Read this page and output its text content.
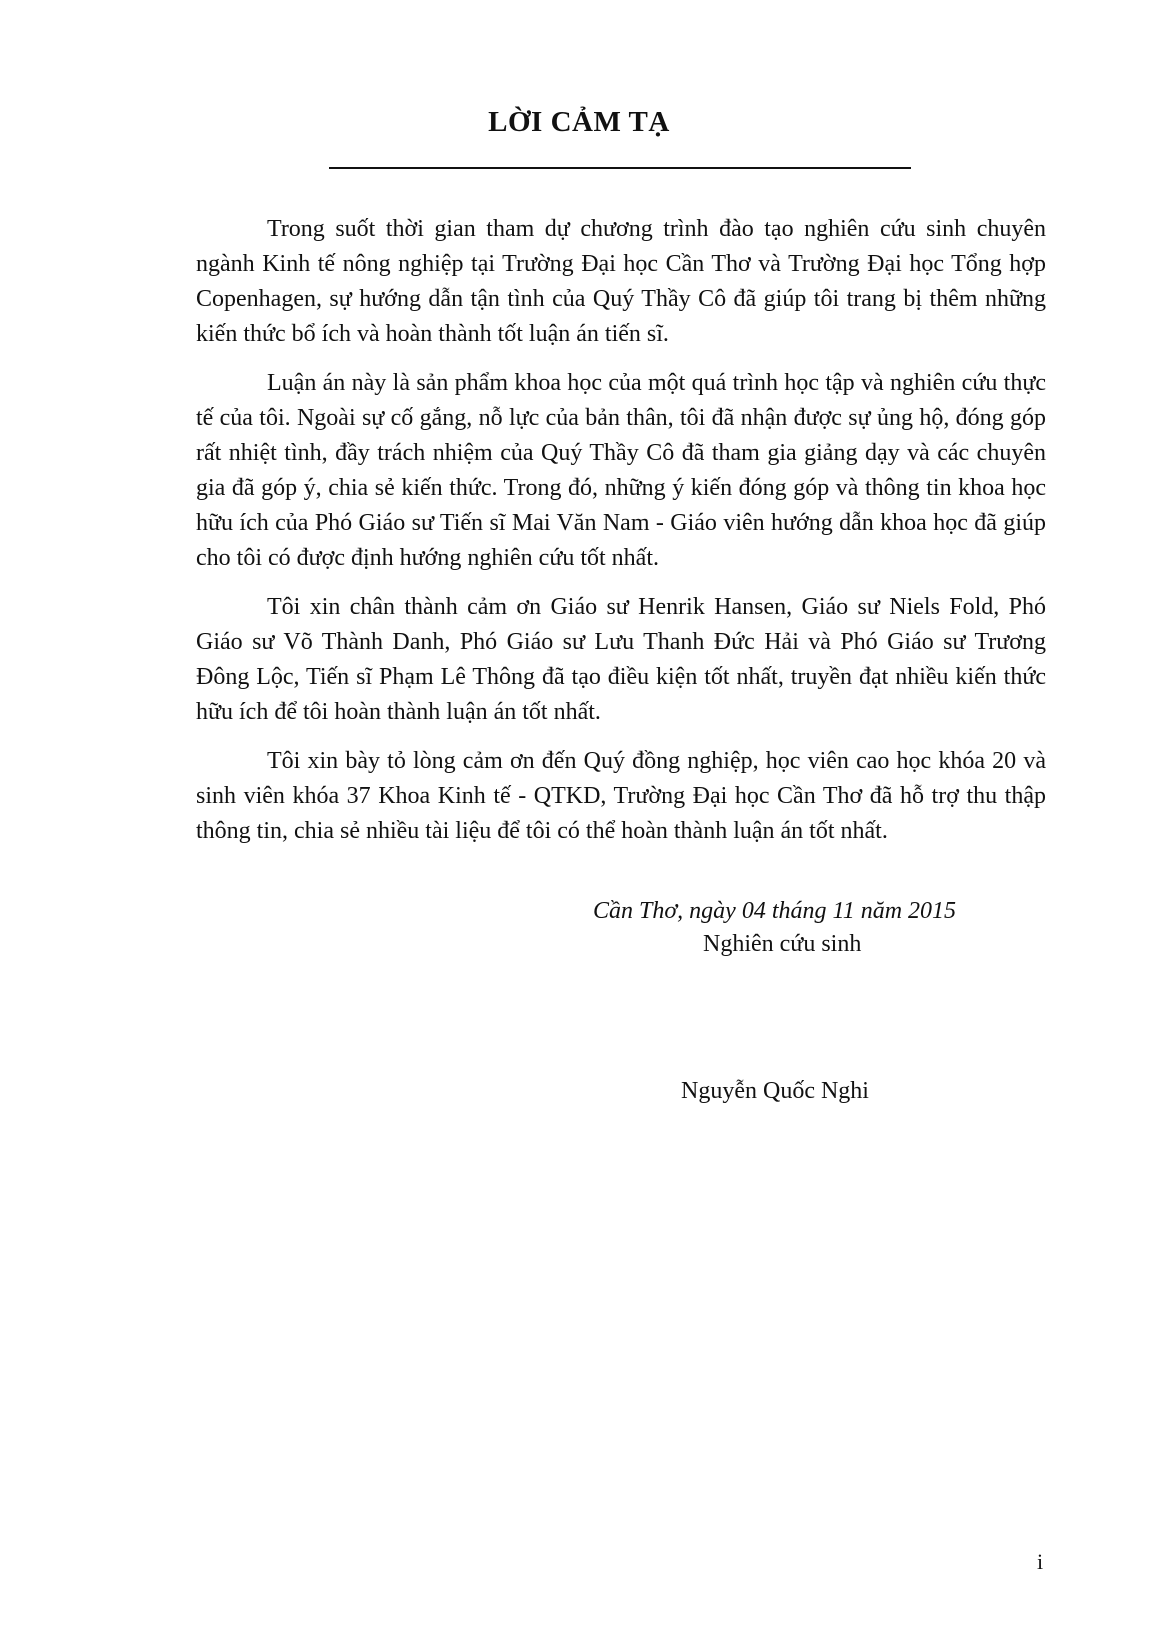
LỜI CẢM TẠ

Trong suốt thời gian tham dự chương trình đào tạo nghiên cứu sinh chuyên ngành Kinh tế nông nghiệp tại Trường Đại học Cần Thơ và Trường Đại học Tổng hợp Copenhagen, sự hướng dẫn tận tình của Quý Thầy Cô đã giúp tôi trang bị thêm những kiến thức bổ ích và hoàn thành tốt luận án tiến sĩ.

Luận án này là sản phẩm khoa học của một quá trình học tập và nghiên cứu thực tế của tôi. Ngoài sự cố gắng, nỗ lực của bản thân, tôi đã nhận được sự ủng hộ, đóng góp rất nhiệt tình, đầy trách nhiệm của Quý Thầy Cô đã tham gia giảng dạy và các chuyên gia đã góp ý, chia sẻ kiến thức. Trong đó, những ý kiến đóng góp và thông tin khoa học hữu ích của Phó Giáo sư Tiến sĩ Mai Văn Nam - Giáo viên hướng dẫn khoa học đã giúp cho tôi có được định hướng nghiên cứu tốt nhất.

Tôi xin chân thành cảm ơn Giáo sư Henrik Hansen, Giáo sư Niels Fold, Phó Giáo sư Võ Thành Danh, Phó Giáo sư Lưu Thanh Đức Hải và Phó Giáo sư Trương Đông Lộc, Tiến sĩ Phạm Lê Thông đã tạo điều kiện tốt nhất, truyền đạt nhiều kiến thức hữu ích để tôi hoàn thành luận án tốt nhất.

Tôi xin bày tỏ lòng cảm ơn đến Quý đồng nghiệp, học viên cao học khóa 20 và sinh viên khóa 37 Khoa Kinh tế - QTKD, Trường Đại học Cần Thơ đã hỗ trợ thu thập thông tin, chia sẻ nhiều tài liệu để tôi có thể hoàn thành luận án tốt nhất.

Cần Thơ, ngày 04 tháng 11 năm 2015
Nghiên cứu sinh
Nguyễn Quốc Nghi
i
